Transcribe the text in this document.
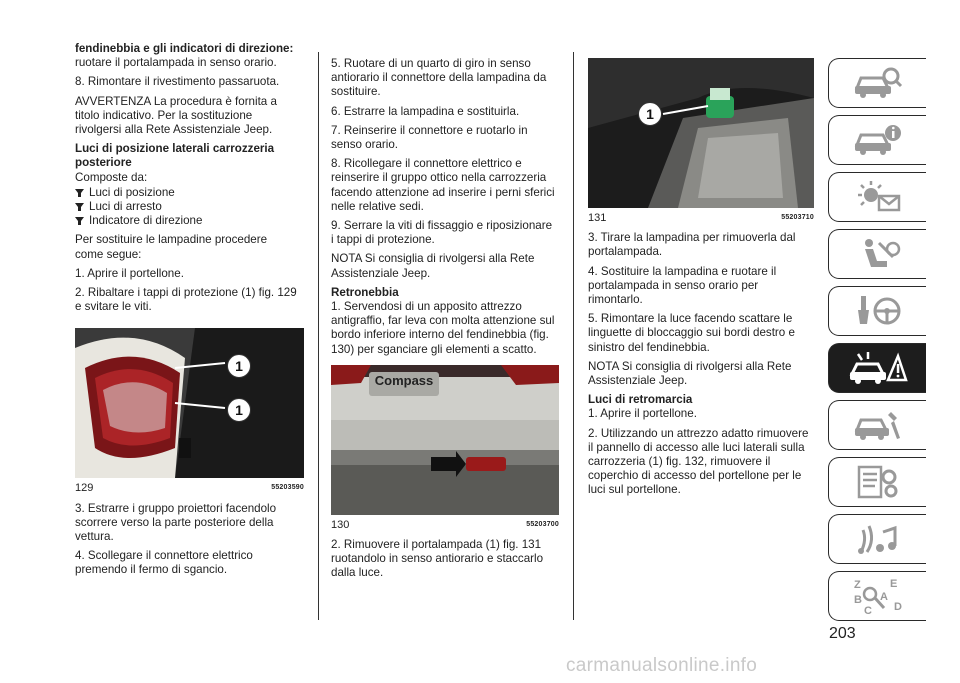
fendinebbia e gli indicatori di direzione:

ruotare il portalampada in senso orario.

8. Rimontare il rivestimento passaruota.

AVVERTENZA La procedura è fornita a titolo indicativo. Per la sostituzione rivolgersi alla Rete Assistenziale Jeep.

Luci di posizione laterali carrozzeria posteriore

Composte da:

Luci di posizione
Luci di arresto
Indicatore di direzione

Per sostituire le lampadine procedere come segue:

1. Aprire il portellone.

2. Ribaltare i tappi di protezione (1) fig. 129 e svitare le viti.

1
1
129	55203590

3. Estrarre i gruppo proiettori facendolo scorrere verso la parte posteriore della vettura.

4. Scollegare il connettore elettrico premendo il fermo di sgancio.

5. Ruotare di un quarto di giro in senso antiorario il connettore della lampadina da sostituire.

6. Estrarre la lampadina e sostituirla.

7. Reinserire il connettore e ruotarlo in senso orario.

8. Ricollegare il connettore elettrico e reinserire il gruppo ottico nella carrozzeria facendo attenzione ad inserire i perni sferici nelle relative sedi.

9. Serrare la viti di fissaggio e riposizionare i tappi di protezione.

NOTA Si consiglia di rivolgersi alla Rete Assistenziale Jeep.

Retronebbia

1. Servendosi di un apposito attrezzo antigraffio, far leva con molta attenzione sul bordo inferiore interno del fendinebbia (fig. 130) per sganciare gli elementi a scatto.

Compass
130	55203700

2. Rimuovere il portalampada (1) fig. 131 ruotandolo in senso antiorario e staccarlo dalla luce.

1
131	55203710

3. Tirare la lampadina per rimuoverla dal portalampada.

4. Sostituire la lampadina e ruotare il portalampada in senso orario per rimontarlo.

5. Rimontare la luce facendo scattare le linguette di bloccaggio sui bordi destro e sinistro del fendinebbia.

NOTA Si consiglia di rivolgersi alla Rete Assistenziale Jeep.

Luci di retromarcia

1. Aprire il portellone.

2. Utilizzando un attrezzo adatto rimuovere il pannello di accesso alle luci laterali sulla carrozzeria (1) fig. 132, rimuovere il coperchio di accesso del portellone per le luci sul portellone.

Z	E
B A
C D
203
carmanualsonline.info
